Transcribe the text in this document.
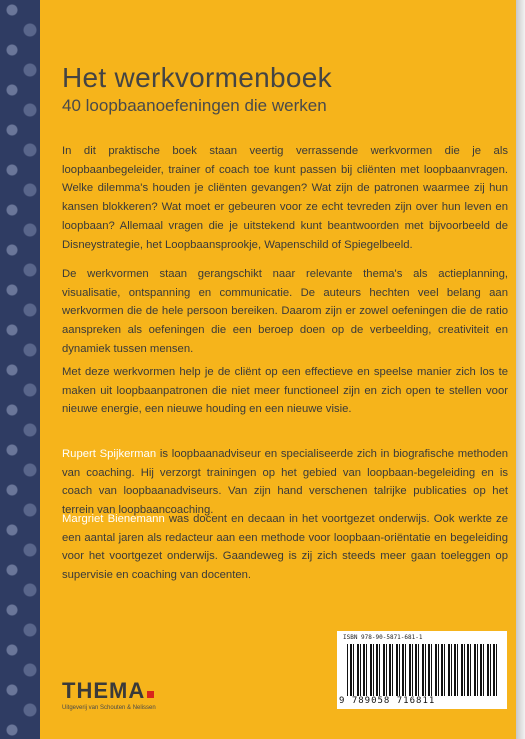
Het werkvormenboek
40 loopbaanoefeningen die werken

In dit praktische boek staan veertig verrassende werkvormen die je als loopbaanbegeleider, trainer of coach toe kunt passen bij cliënten met loopbaanvragen. Welke dilemma's houden je cliënten gevangen? Wat zijn de patronen waarmee zij hun kansen blokkeren? Wat moet er gebeuren voor ze echt tevreden zijn over hun leven en loopbaan? Allemaal vragen die je uitstekend kunt beantwoorden met bijvoorbeeld de Disneystrategie, het Loopbaansprookje, Wapenschild of Spiegelbeeld.

De werkvormen staan gerangschikt naar relevante thema's als actieplanning, visualisatie, ontspanning en communicatie. De auteurs hechten veel belang aan werkvormen die de hele persoon bereiken. Daarom zijn er zowel oefeningen die de ratio aanspreken als oefeningen die een beroep doen op de verbeelding, creativiteit en dynamiek tussen mensen.

Met deze werkvormen help je de cliënt op een effectieve en speelse manier zich los te maken uit loopbaanpatronen die niet meer functioneel zijn en zich open te stellen voor nieuwe energie, een nieuwe houding en een nieuwe visie.

Rupert Spijkerman is loopbaanadviseur en specialiseerde zich in biografische methoden van coaching. Hij verzorgt trainingen op het gebied van loopbaan-begeleiding en is coach van loopbaanadviseurs. Van zijn hand verschenen talrijke publicaties op het terrein van loopbaancoaching.

Margriet Bienemann was docent en decaan in het voortgezet onderwijs. Ook werkte ze een aantal jaren als redacteur aan een methode voor loopbaan-oriëntatie en begeleiding voor het voortgezet onderwijs. Gaandeweg is zij zich steeds meer gaan toeleggen op supervisie en coaching van docenten.

THEMA
Uitgeverij van Schouten & Nelissen
ISBN 978-90-5871-681-1
9 789058 716811
